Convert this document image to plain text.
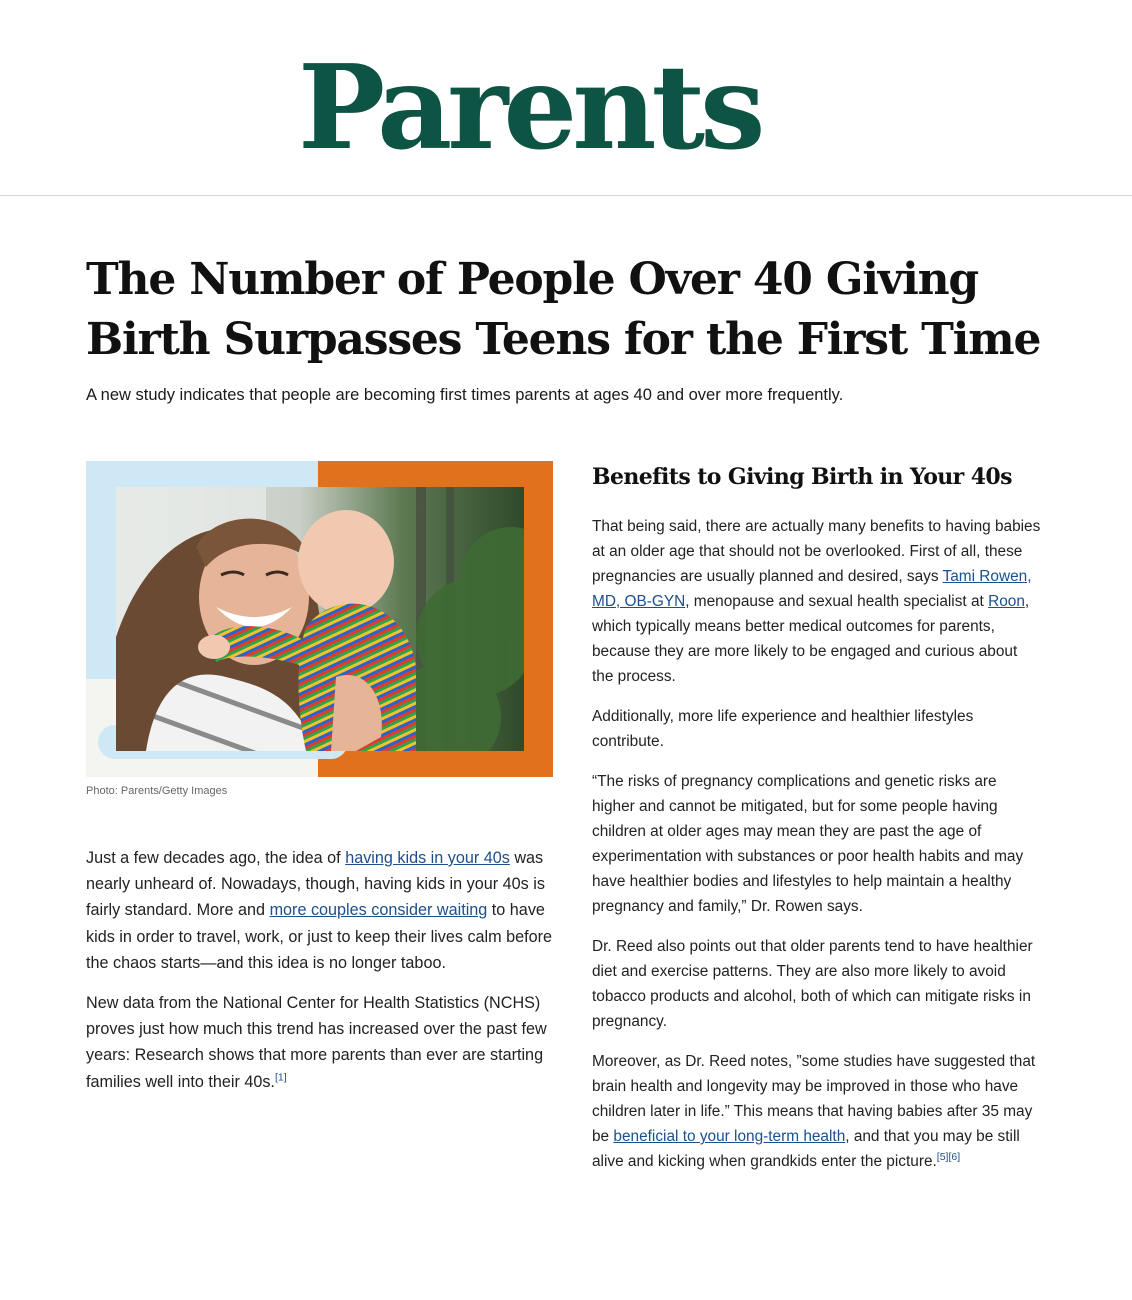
Parents
The Number of People Over 40 Giving Birth Surpasses Teens for the First Time

A new study indicates that people are becoming first times parents at ages 40 and over more frequently.

Photo: Parents/Getty Images

Just a few decades ago, the idea of having kids in your 40s was nearly unheard of. Nowadays, though, having kids in your 40s is fairly standard. More and more couples consider waiting to have kids in order to travel, work, or just to keep their lives calm before the chaos starts—and this idea is no longer taboo.

New data from the National Center for Health Statistics (NCHS) proves just how much this trend has increased over the past few years: Research shows that more parents than ever are starting families well into their 40s.[1]

Benefits to Giving Birth in Your 40s

That being said, there are actually many benefits to having babies at an older age that should not be overlooked. First of all, these pregnancies are usually planned and desired, says Tami Rowen, MD, OB-GYN, menopause and sexual health specialist at Roon, which typically means better medical outcomes for parents, because they are more likely to be engaged and curious about the process.

Additionally, more life experience and healthier lifestyles contribute.

“The risks of pregnancy complications and genetic risks are higher and cannot be mitigated, but for some people having children at older ages may mean they are past the age of experimentation with substances or poor health habits and may have healthier bodies and lifestyles to help maintain a healthy pregnancy and family,” Dr. Rowen says.

Dr. Reed also points out that older parents tend to have healthier diet and exercise patterns. They are also more likely to avoid tobacco products and alcohol, both of which can mitigate risks in pregnancy.

Moreover, as Dr. Reed notes, ”some studies have suggested that brain health and longevity may be improved in those who have children later in life.” This means that having babies after 35 may be beneficial to your long-term health, and that you may be still alive and kicking when grandkids enter the picture.[5][6]
